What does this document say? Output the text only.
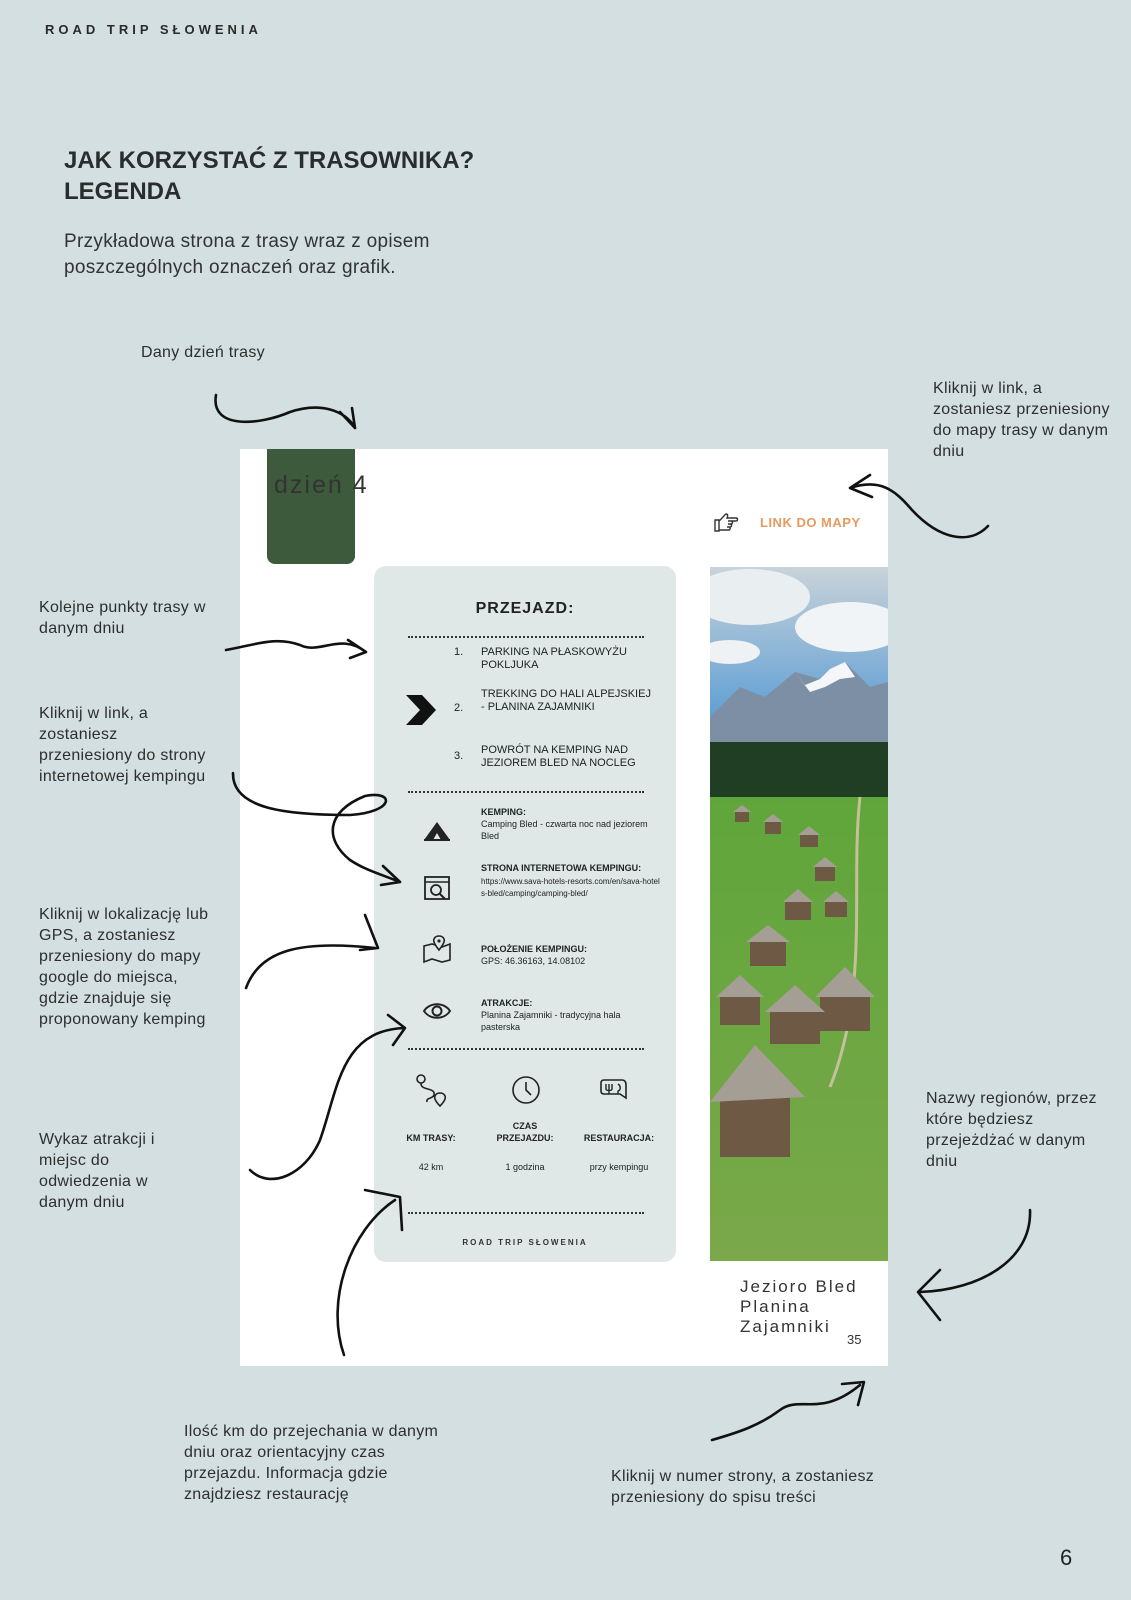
ROAD TRIP SŁOWENIA
JAK KORZYSTAĆ Z TRASOWNIKA? LEGENDA
Przykładowa strona z trasy wraz z opisem poszczególnych oznaczeń oraz grafik.
Dany dzień trasy
Kliknij w link, a zostaniesz przeniesiony do mapy trasy w danym dniu
Kolejne punkty trasy w danym dniu
Kliknij w link, a zostaniesz przeniesiony do strony internetowej kempingu
Kliknij w lokalizację lub GPS, a zostaniesz przeniesiony do mapy google do miejsca, gdzie znajduje się proponowany kemping
Wykaz atrakcji i miejsc do odwiedzenia w danym dniu
Nazwy regionów, przez które będziesz przejeżdżać w danym dniu
Ilość km do przejechania w danym dniu oraz orientacyjny czas przejazdu. Informacja gdzie znajdziesz restaurację
Kliknij w numer strony, a zostaniesz przeniesiony do spisu treści
dzień 4
LINK DO MAPY
PRZEJAZD:
1. PARKING NA PŁASKOWYŻU POKLJUKA
2.
TREKKING DO HALI ALPEJSKIEJ - PLANINA ZAJAMNIKI
3. POWRÓT NA KEMPING NAD JEZIOREM BLED NA NOCLEG
KEMPING:
Camping Bled - czwarta noc nad jeziorem Bled
STRONA INTERNETOWA KEMPINGU:
https://www.sava-hotels-resorts.com/en/sava-hotels-bled/camping/camping-bled/
POŁOŻENIE KEMPINGU:
GPS: 46.36163, 14.08102
ATRAKCJE:
Planina Zajamniki - tradycyjna hala pasterska
KM TRASY:
42 km
CZAS PRZEJAZDU:
1 godzina
RESTAURACJA:
przy kempingu
ROAD TRIP SŁOWENIA
Jezioro Bled
Planina
Zajamniki
35
6
